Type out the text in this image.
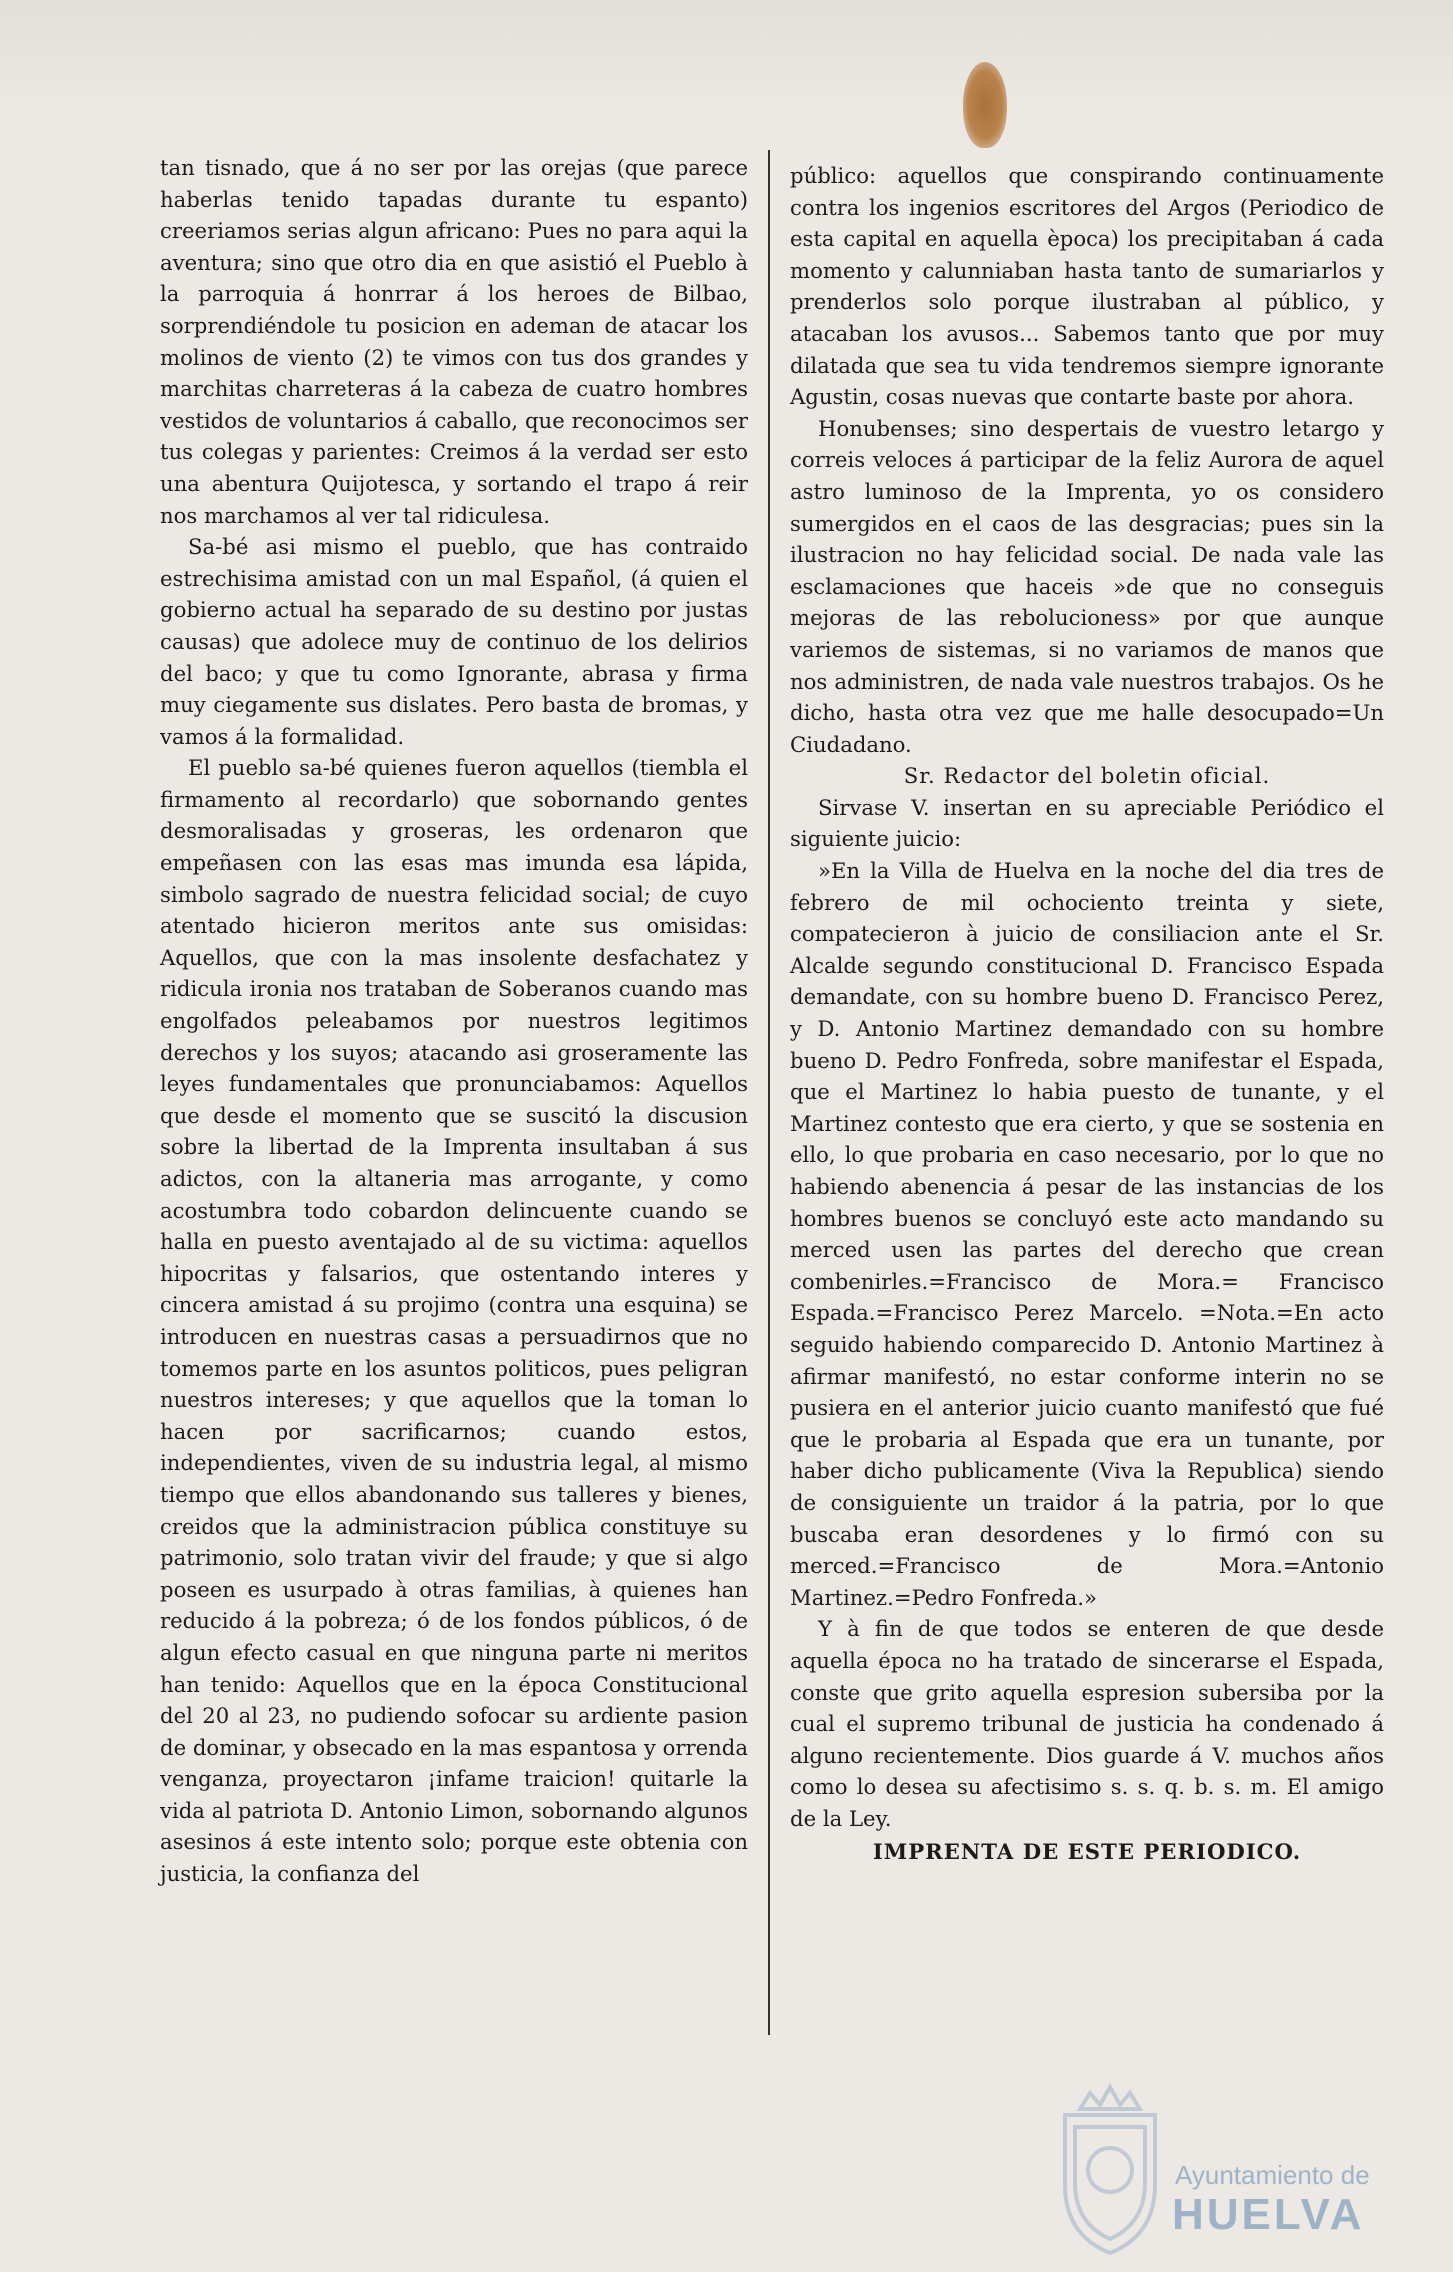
tan tisnado, que á no ser por las orejas (que parece haberlas tenido tapadas durante tu espanto) creeriamos serias algun africano: Pues no para aqui la aventura; sino que otro dia en que asistió el Pueblo à la parroquia á honrrar á los heroes de Bilbao, sorprendiéndole tu posicion en ademan de atacar los molinos de viento (2) te vimos con tus dos grandes y marchitas charreteras á la cabeza de cuatro hombres vestidos de voluntarios á caballo, que reconocimos ser tus colegas y parientes: Creimos á la verdad ser esto una abentura Quijotesca, y sortando el trapo á reir nos marchamos al ver tal ridiculesa.

Sa-bé asi mismo el pueblo, que has contraido estrechisima amistad con un mal Español, (á quien el gobierno actual ha separado de su destino por justas causas) que adolece muy de continuo de los delirios del baco; y que tu como Ignorante, abrasa y firma muy ciegamente sus dislates. Pero basta de bromas, y vamos á la formalidad.

El pueblo sa-bé quienes fueron aquellos (tiembla el firmamento al recordarlo) que sobornando gentes desmoralisadas y groseras, les ordenaron que empeñasen con las esas mas imunda esa lápida, simbolo sagrado de nuestra felicidad social; de cuyo atentado hicieron meritos ante sus omisidas: Aquellos, que con la mas insolente desfachatez y ridicula ironia nos trataban de Soberanos cuando mas engolfados peleabamos por nuestros legitimos derechos y los suyos; atacando asi groseramente las leyes fundamentales que pronunciabamos: Aquellos que desde el momento que se suscitó la discusion sobre la libertad de la Imprenta insultaban á sus adictos, con la altaneria mas arrogante, y como acostumbra todo cobardon delincuente cuando se halla en puesto aventajado al de su victima: aquellos hipocritas y falsarios, que ostentando interes y cincera amistad á su projimo (contra una esquina) se introducen en nuestras casas a persuadirnos que no tomemos parte en los asuntos politicos, pues peligran nuestros intereses; y que aquellos que la toman lo hacen por sacrificarnos; cuando estos, independientes, viven de su industria legal, al mismo tiempo que ellos abandonando sus talleres y bienes, creidos que la administracion pública constituye su patrimonio, solo tratan vivir del fraude; y que si algo poseen es usurpado à otras familias, à quienes han reducido á la pobreza; ó de los fondos públicos, ó de algun efecto casual en que ninguna parte ni meritos han tenido: Aquellos que en la época Constitucional del 20 al 23, no pudiendo sofocar su ardiente pasion de dominar, y obsecado en la mas espantosa y orrenda venganza, proyectaron ¡infame traicion! quitarle la vida al patriota D. Antonio Limon, sobornando algunos asesinos á este intento solo; porque este obtenia con justicia, la confianza del

público: aquellos que conspirando continuamente contra los ingenios escritores del Argos (Periodico de esta capital en aquella època) los precipitaban á cada momento y calunniaban hasta tanto de sumariarlos y prenderlos solo porque ilustraban al público, y atacaban los avusos... Sabemos tanto que por muy dilatada que sea tu vida tendremos siempre ignorante Agustin, cosas nuevas que contarte baste por ahora.

Honubenses; sino despertais de vuestro letargo y correis veloces á participar de la feliz Aurora de aquel astro luminoso de la Imprenta, yo os considero sumergidos en el caos de las desgracias; pues sin la ilustracion no hay felicidad social. De nada vale las esclamaciones que haceis »de que no conseguis mejoras de las rebolucioness» por que aunque variemos de sistemas, si no variamos de manos que nos administren, de nada vale nuestros trabajos. Os he dicho, hasta otra vez que me halle desocupado=Un Ciudadano.

Sr. Redactor del boletin oficial.

Sirvase V. insertan en su apreciable Periódico el siguiente juicio:

»En la Villa de Huelva en la noche del dia tres de febrero de mil ochociento treinta y siete, compatecieron à juicio de consiliacion ante el Sr. Alcalde segundo constitucional D. Francisco Espada demandate, con su hombre bueno D. Francisco Perez, y D. Antonio Martinez demandado con su hombre bueno D. Pedro Fonfreda, sobre manifestar el Espada, que el Martinez lo habia puesto de tunante, y el Martinez contesto que era cierto, y que se sostenia en ello, lo que probaria en caso necesario, por lo que no habiendo abenencia á pesar de las instancias de los hombres buenos se concluyó este acto mandando su merced usen las partes del derecho que crean combenirles.=Francisco de Mora.= Francisco Espada.=Francisco Perez Marcelo. =Nota.=En acto seguido habiendo comparecido D. Antonio Martinez à afirmar manifestó, no estar conforme interin no se pusiera en el anterior juicio cuanto manifestó que fué que le probaria al Espada que era un tunante, por haber dicho publicamente (Viva la Republica) siendo de consiguiente un traidor á la patria, por lo que buscaba eran desordenes y lo firmó con su merced.=Francisco de Mora.=Antonio Martinez.=Pedro Fonfreda.»

Y à fin de que todos se enteren de que desde aquella época no ha tratado de sincerarse el Espada, conste que grito aquella espresion subersiba por la cual el supremo tribunal de justicia ha condenado á alguno recientemente. Dios guarde á V. muchos años como lo desea su afectisimo s. s. q. b. s. m. El amigo de la Ley.

IMPRENTA DE ESTE PERIODICO.

Ayuntamiento de
HUELVA
